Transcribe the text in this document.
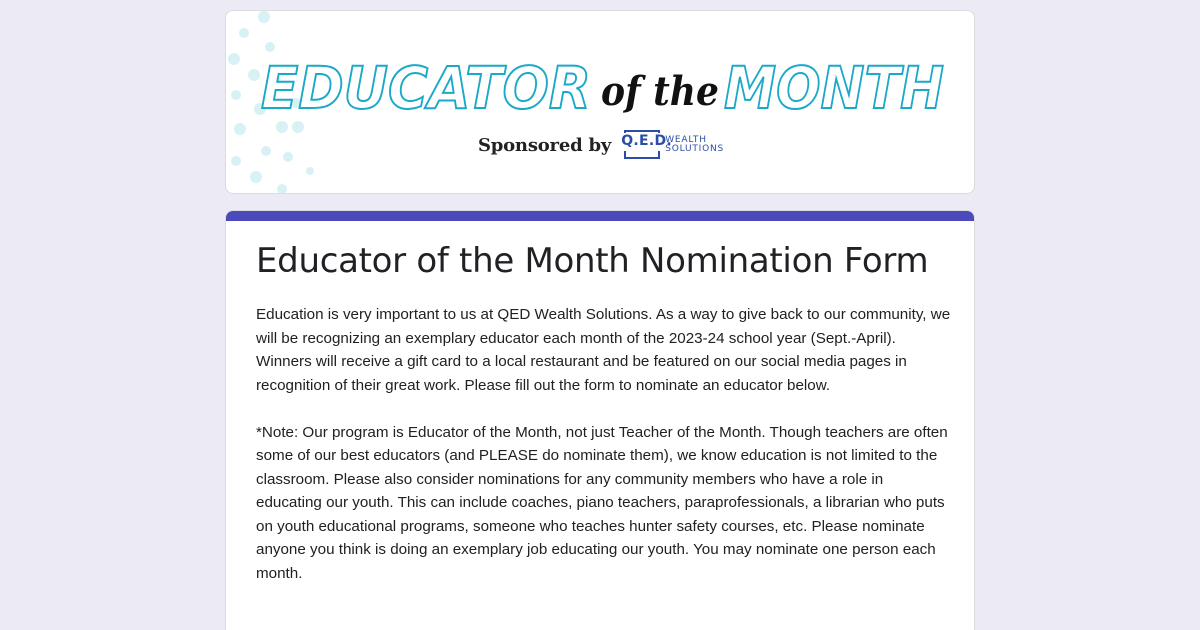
EDUCATOR of the MONTH
Sponsored by Q.E.D.
WEALTH
SOLUTIONS
Educator of the Month Nomination Form

Education is very important to us at QED Wealth Solutions. As a way to give back to our community, we will be recognizing an exemplary educator each month of the 2023-24 school year (Sept.-April). Winners will receive a gift card to a local restaurant and be featured on our social media pages in recognition of their great work. Please fill out the form to nominate an educator below.

*Note: Our program is Educator of the Month, not just Teacher of the Month. Though teachers are often some of our best educators (and PLEASE do nominate them), we know education is not limited to the classroom. Please also consider nominations for any community members who have a role in educating our youth. This can include coaches, piano teachers, paraprofessionals, a librarian who puts on youth educational programs, someone who teaches hunter safety courses, etc. Please nominate anyone you think is doing an exemplary job educating our youth. You may nominate one person each month.
